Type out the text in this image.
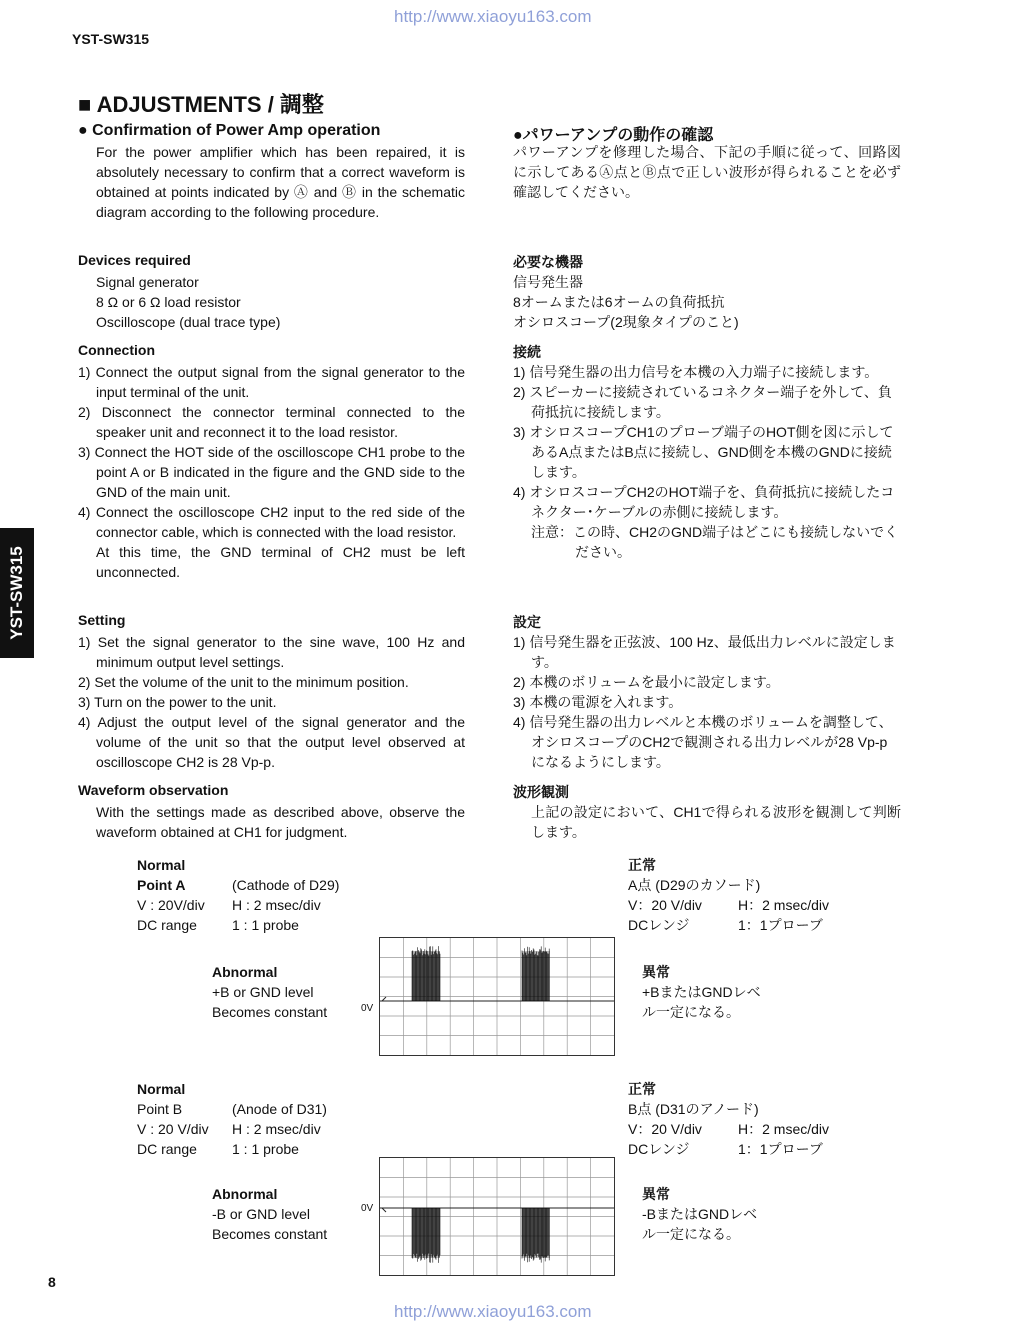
http://www.xiaoyu163.com
YST-SW315
YST-SW315
8
http://www.xiaoyu163.com
■ ADJUSTMENTS / 調整
● Confirmation of Power Amp operation
For the power amplifier which has been repaired, it is absolutely necessary to confirm that a correct waveform is obtained at points indicated by Ⓐ and Ⓑ in the schematic diagram according to the following procedure.
Devices required
Signal generator
8 Ω or 6 Ω load resistor
Oscilloscope (dual trace type)
Connection
1) Connect the output signal from the signal generator to the input terminal of the unit.
2) Disconnect the connector terminal connected to the speaker unit and reconnect it to the load resistor.
3) Connect the HOT side of the oscilloscope CH1 probe to the point A or B indicated in the figure and the GND side to the GND of the main unit.
4) Connect the oscilloscope CH2 input to the red side of the connector cable, which is connected with the load resistor.
At this time, the GND terminal of CH2 must be left unconnected.
Setting
1) Set the signal generator to the sine wave, 100 Hz and minimum output level settings.
2) Set the volume of the unit to the minimum position.
3) Turn on the power to the unit.
4) Adjust the output level of the signal generator and the volume of the unit so that the output level observed at oscilloscope CH2 is 28 Vp-p.
Waveform observation
With the settings made as described above, observe the waveform obtained at CH1 for judgment.
●パワーアンプの動作の確認
パワーアンプを修理した場合、下記の手順に従って、回路図に示してあるⒶ点とⒷ点で正しい波形が得られることを必ず確認してください。
必要な機器
信号発生器
8オームまたは6オームの負荷抵抗
オシロスコープ(2現象タイプのこと)
接続
1) 信号発生器の出力信号を本機の入力端子に接続します。
2) スピーカーに接続されているコネクター端子を外して、負荷抵抗に接続します。
3) オシロスコープCH1のプローブ端子のHOT側を図に示してあるA点またはB点に接続し、GND側を本機のGNDに接続します。
4) オシロスコープCH2のHOT端子を、負荷抵抗に接続したコネクター･ケーブルの赤側に接続します。
注意：この時、CH2のGND端子はどこにも接続しないでください。
設定
1) 信号発生器を正弦波、100 Hz、最低出力レベルに設定します。
2) 本機のボリュームを最小に設定します。
3) 本機の電源を入れます。
4) 信号発生器の出力レベルと本機のボリュームを調整して、オシロスコープのCH2で観測される出力レベルが28 Vp-pになるようにします。
波形観測
上記の設定において、CH1で得られる波形を観測して判断します。
Normal
Point A	(Cathode of D29)
V : 20V/div H : 2 msec/div
DC range	1 : 1 probe
Abnormal
+B or GND level
Becomes constant	0V
正常
A点 (D29のカソード)
V：20 V/div	H：2 msec/div
DCレンジ	1：1プローブ
異常
+BまたはGNDレベ
ル一定になる。
Normal
Point B	(Anode of D31)
V : 20 V/div H : 2 msec/div
DC range	1 : 1 probe
Abnormal
-B or GND level
Becomes constant
0V
正常
B点 (D31のアノード)
V：20 V/div	H：2 msec/div
DCレンジ	1：1プローブ
異常
-BまたはGNDレベ
ル一定になる。
